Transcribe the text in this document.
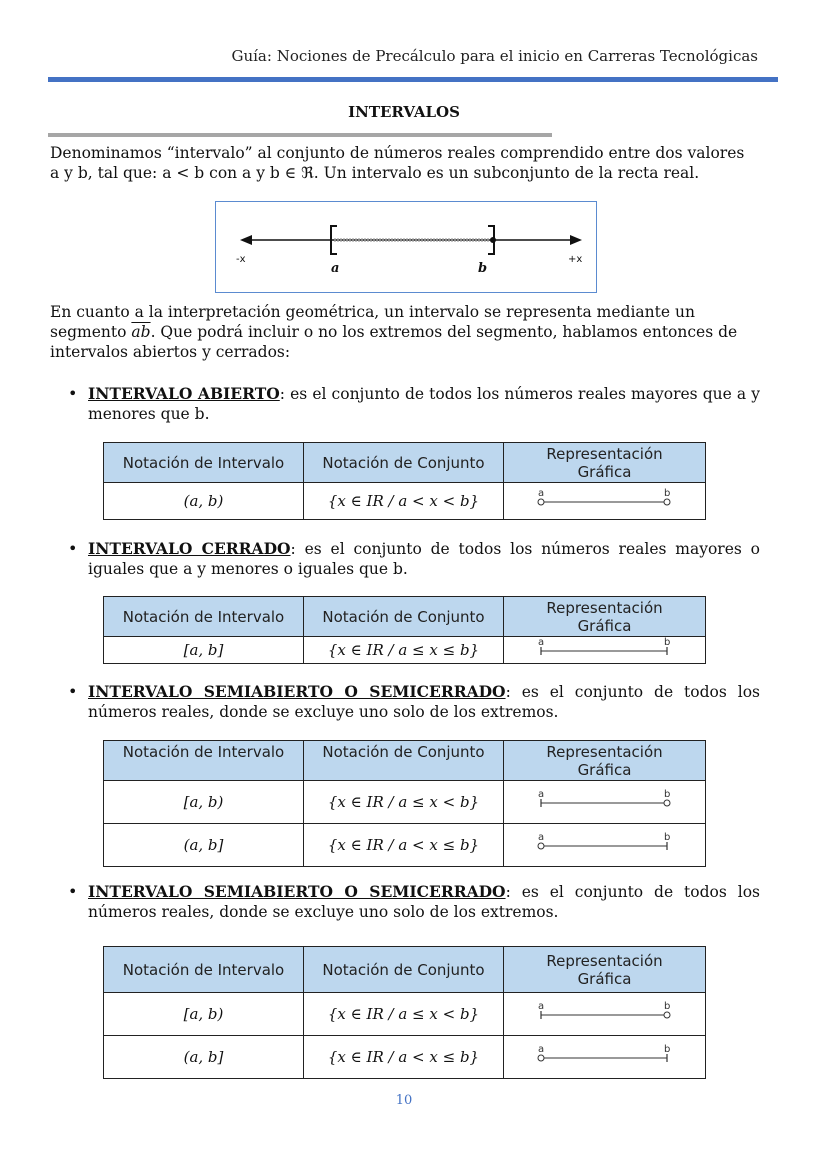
Guía: Nociones de Precálculo para el inicio en Carreras Tecnológicas
INTERVALOS
Denominamos “intervalo” al conjunto de números reales comprendido entre dos valores
a y b, tal que: a < b con a y b ∈ ℜ. Un intervalo es un subconjunto de la recta real.
-x	+x
a	b
En cuanto a la interpretación geométrica, un intervalo se representa mediante un
segmento $\overline{ab}$. Que podrá incluir o no los extremos del segmento, hablamos entonces de
intervalos abiertos y cerrados:
• INTERVALO ABIERTO: es el conjunto de todos los números reales mayores que a y menores que b.
Notación de Intervalo	Notación de Conjunto	Representación
Gráfica

(a, b)	{x ∈ IR / a < x < b}	a b
• INTERVALO CERRADO: es el conjunto de todos los números reales mayores o iguales que a y menores o iguales que b.
Notación de Intervalo	Notación de Conjunto	Representación
Gráfica

[a, b]	{x ∈ IR / a ≤ x ≤ b}	a b
• INTERVALO SEMIABIERTO O SEMICERRADO: es el conjunto de todos los números reales, donde se excluye uno solo de los extremos.
Notación de Intervalo	Notación de Conjunto	Representación
Gráfica

[a, b)	{x ∈ IR / a ≤ x < b}	a b

(a, b]	{x ∈ IR / a < x ≤ b}	a b
• INTERVALO SEMIABIERTO O SEMICERRADO: es el conjunto de todos los números reales, donde se excluye uno solo de los extremos.
Notación de Intervalo	Notación de Conjunto	Representación
Gráfica

[a, b)	{x ∈ IR / a ≤ x < b}	a b

(a, b]	{x ∈ IR / a < x ≤ b}	a b
10
